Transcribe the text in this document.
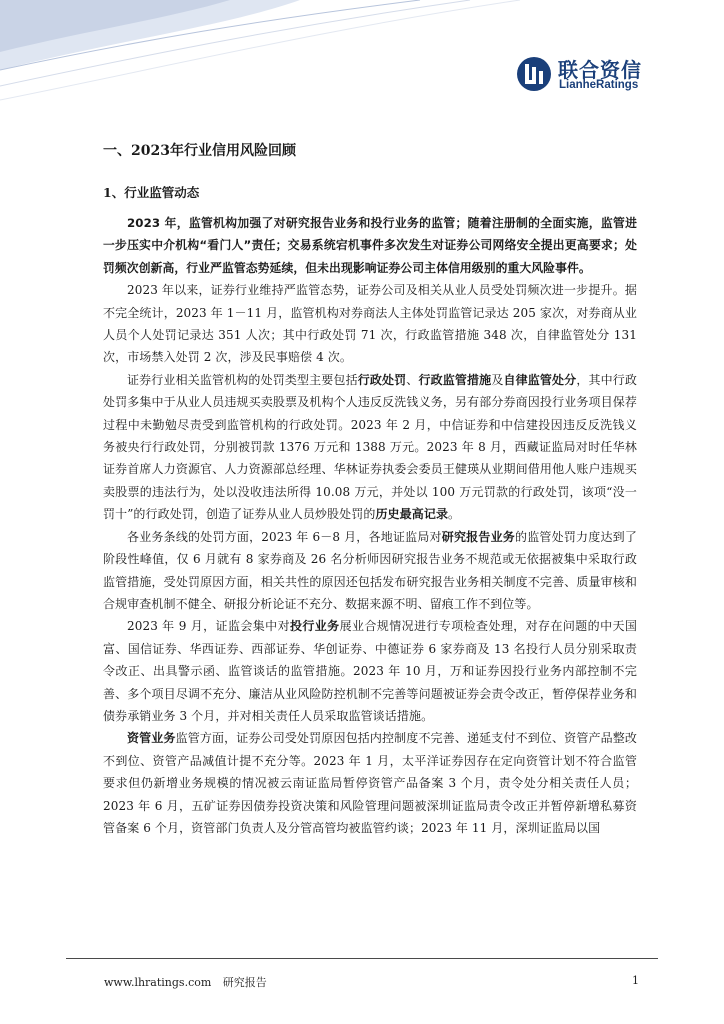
联合资信
LianheRatings
一、2023年行业信用风险回顾
1、行业监管动态

2023 年，监管机构加强了对研究报告业务和投行业务的监管；随着注册制的全面实施，监管进一步压实中介机构“看门人”责任；交易系统宕机事件多次发生对证券公司网络安全提出更高要求；处罚频次创新高，行业严监管态势延续，但未出现影响证券公司主体信用级别的重大风险事件。

2023 年以来，证券行业维持严监管态势，证券公司及相关从业人员受处罚频次进一步提升。据不完全统计，2023 年 1－11 月，监管机构对券商法人主体处罚监管记录达 205 家次，对券商从业人员个人处罚记录达 351 人次；其中行政处罚 71 次，行政监管措施 348 次，自律监管处分 131 次，市场禁入处罚 2 次，涉及民事赔偿 4 次。

证券行业相关监管机构的处罚类型主要包括行政处罚、行政监管措施及自律监管处分，其中行政处罚多集中于从业人员违规买卖股票及机构个人违反反洗钱义务，另有部分券商因投行业务项目保荐过程中未勤勉尽责受到监管机构的行政处罚。2023 年 2 月，中信证券和中信建投因违反反洗钱义务被央行行政处罚，分别被罚款 1376 万元和 1388 万元。2023 年 8 月，西藏证监局对时任华林证券首席人力资源官、人力资源部总经理、华林证券执委会委员王健瑛从业期间借用他人账户违规买卖股票的违法行为，处以没收违法所得 10.08 万元，并处以 100 万元罚款的行政处罚，该项“没一罚十”的行政处罚，创造了证券从业人员炒股处罚的历史最高记录。

各业务条线的处罚方面，2023 年 6－8 月，各地证监局对研究报告业务的监管处罚力度达到了阶段性峰值，仅 6 月就有 8 家券商及 26 名分析师因研究报告业务不规范或无依据被集中采取行政监管措施，受处罚原因方面，相关共性的原因还包括发布研究报告业务相关制度不完善、质量审核和合规审查机制不健全、研报分析论证不充分、数据来源不明、留痕工作不到位等。

2023 年 9 月，证监会集中对投行业务展业合规情况进行专项检查处理，对存在问题的中天国富、国信证券、华西证券、西部证券、华创证券、中德证券 6 家券商及 13 名投行人员分别采取责令改正、出具警示函、监管谈话的监管措施。2023 年 10 月，万和证券因投行业务内部控制不完善、多个项目尽调不充分、廉洁从业风险防控机制不完善等问题被证券会责令改正，暂停保荐业务和债券承销业务 3 个月，并对相关责任人员采取监管谈话措施。

资管业务监管方面，证券公司受处罚原因包括内控制度不完善、递延支付不到位、资管产品整改不到位、资管产品减值计提不充分等。2023 年 1 月，太平洋证券因存在定向资管计划不符合监管要求但仍新增业务规模的情况被云南证监局暂停资管产品备案 3 个月，责令处分相关责任人员；2023 年 6 月，五矿证券因债券投资决策和风险管理问题被深圳证监局责令改正并暂停新增私募资管备案 6 个月，资管部门负责人及分管高管均被监管约谈；2023 年 11 月，深圳证监局以国

www.lhratings.com 研究报告	1
